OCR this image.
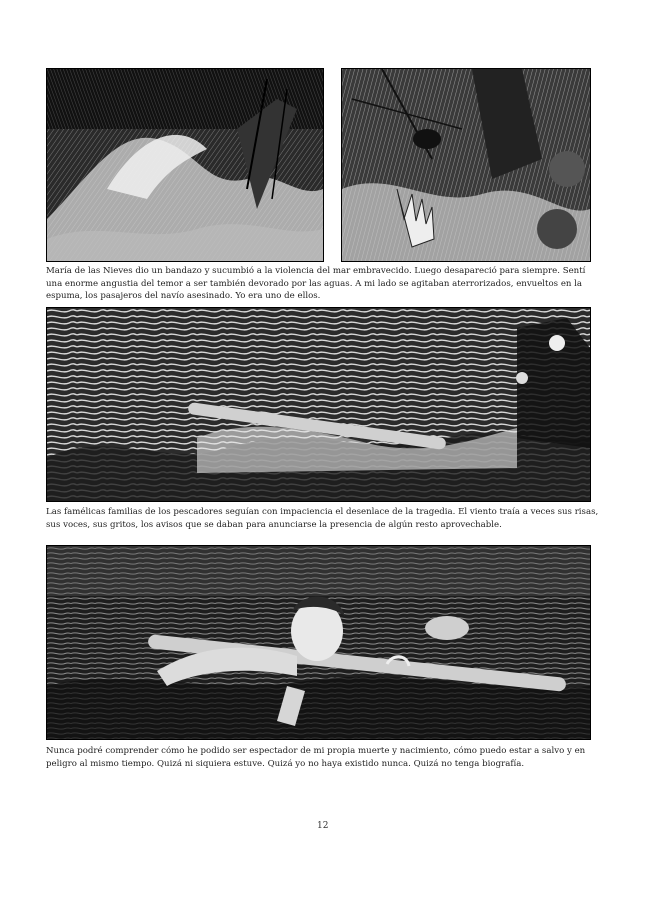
María de las Nieves dio un bandazo y sucumbió a la violencia del mar embravecido. Luego desapareció para siempre. Sentí una enorme angustia del temor a ser también devorado por las aguas. A mi lado se agitaban aterrorizados, envueltos en la espuma, los pasajeros del navío asesinado. Yo era uno de ellos.

Las famélicas familias de los pescadores seguían con impaciencia el desenlace de la tragedia. El viento traía a veces sus risas, sus voces, sus gritos, los avisos que se daban para anunciarse la presencia de algún resto aprovechable.

Nunca podré comprender cómo he podido ser espectador de mi propia muerte y nacimiento, cómo puedo estar a salvo y en peligro al mismo tiempo. Quizá ni siquiera estuve. Quizá yo no haya existido nunca. Quizá no tenga biografía.

12
